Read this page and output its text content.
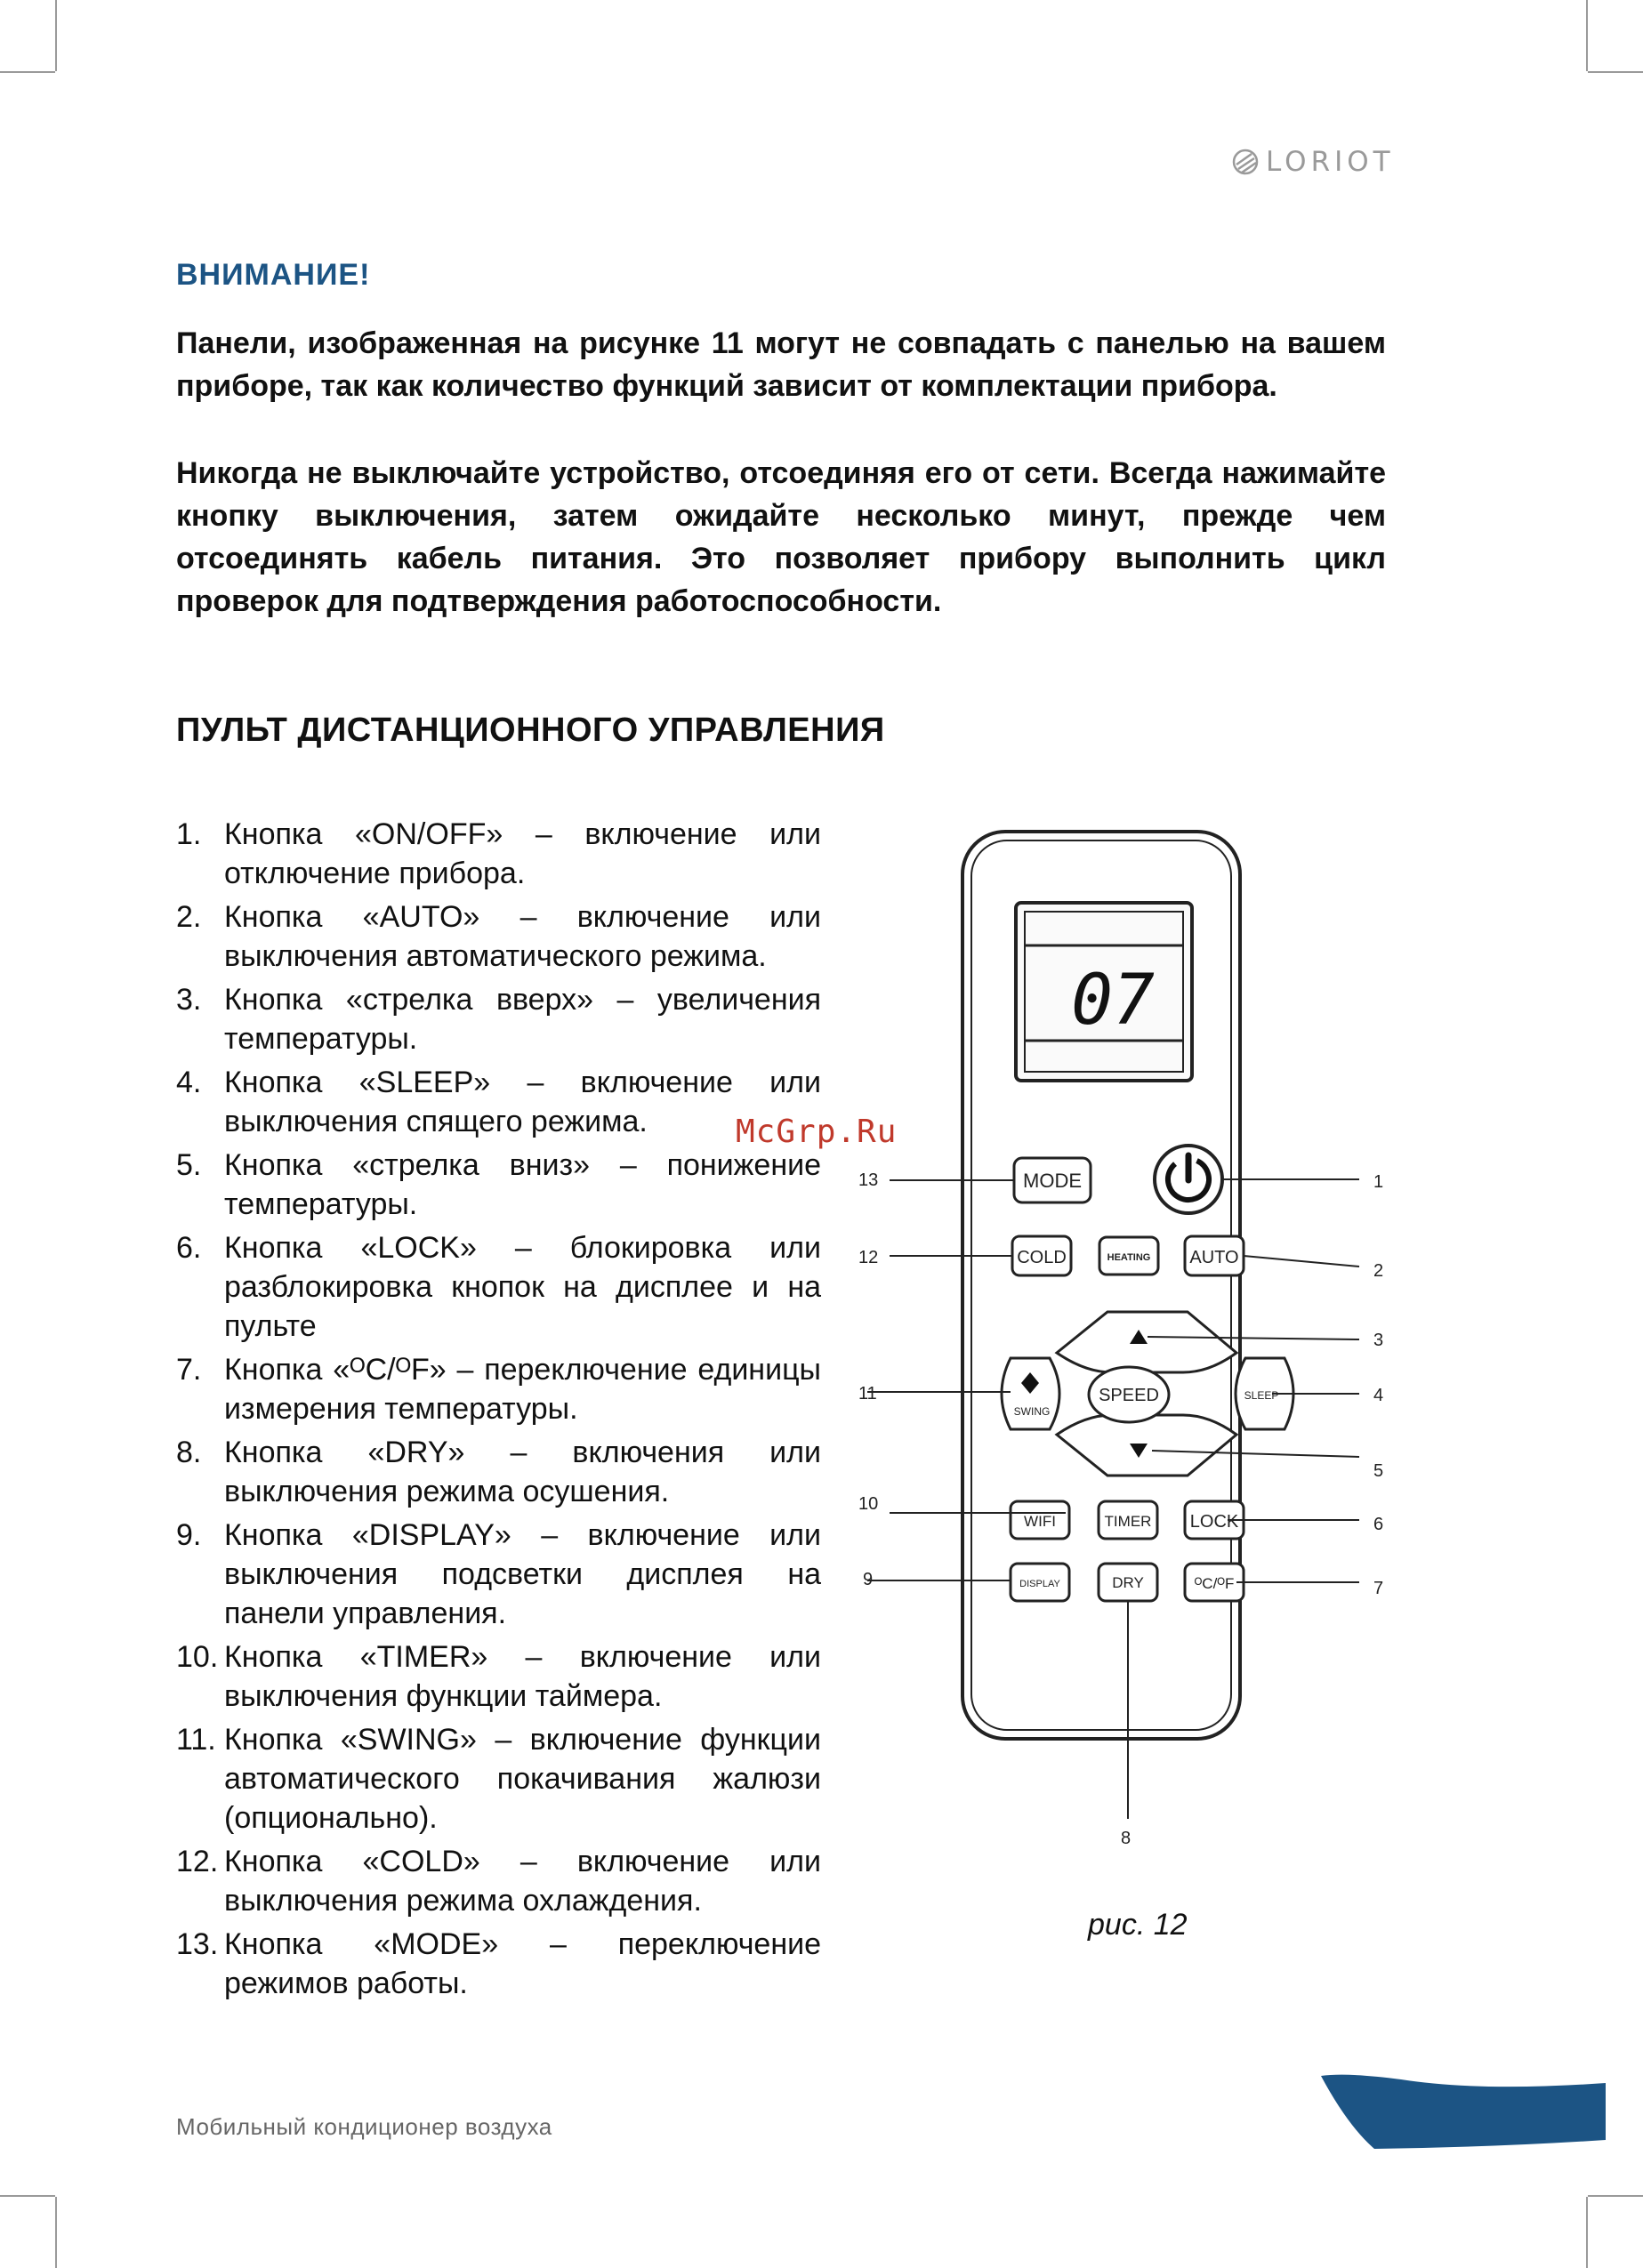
LORIOT
ВНИМАНИЕ!

Панели, изображенная на рисунке 11 могут не совпадать с панелью на вашем приборе, так как количество функций зависит от комплектации прибора.

Никогда не выключайте устройство, отсоединяя его от сети. Всегда нажимайте кнопку выключения, затем ожидайте несколько минут, прежде чем отсоединять кабель питания. Это позволяет прибору выполнить цикл проверок для подтверждения работоспособности.

ПУЛЬТ ДИСТАНЦИОННОГО УПРАВЛЕНИЯ
1. Кнопка «ON/OFF» – включение или отключение прибора.
2. Кнопка «AUTO» – включение или выключения автоматического режима.
3. Кнопка «стрелка вверх» – увеличения температуры.
4. Кнопка «SLEEP» – включение или выключения спящего режима.
5. Кнопка «стрелка вниз» – понижение температуры.
6. Кнопка «LOCK» – блокировка или разблокировка кнопок на дисплее и на пульте
7. Кнопка «ᴼC/ᴼF» – переключение единицы измерения температуры.
8. Кнопка «DRY» – включения или выключения режима осушения.
9. Кнопка «DISPLAY» – включение или выключения подсветки дисплея на панели управления.
10. Кнопка «TIMER» – включение или выключения функции таймера.
11. Кнопка «SWING» – включение функции автоматического покачивания жалюзи (опционально).
12. Кнопка «COLD» – включение или выключения режима охлаждения.
13. Кнопка «MODE» – переключение режимов работы.
McGrp.Ru
07
MODE
COLD	HEATING AUTO
SWING
SLEEP
SPEED
WIFI	TIMER LOCK
DISPLAY	DRY	ᴼC/ᴼF
1
2
3
4
5
6
7
8
9
10
11
12
13
рис. 12
Мобильный кондиционер воздуха
